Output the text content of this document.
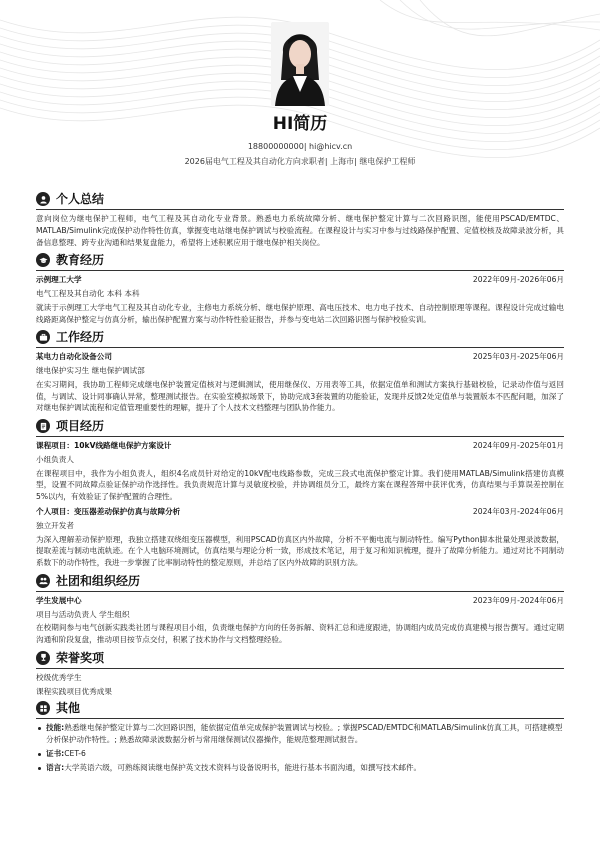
HI简历
18800000000| hi@hicv.cn
2026届电气工程及其自动化方向求职者| 上海市| 继电保护工程师
个人总结

意向岗位为继电保护工程师，电气工程及其自动化专业背景。熟悉电力系统故障分析、继电保护整定计算与二次回路识图，能使用PSCAD/EMTDC、MATLAB/Simulink完成保护动作特性仿真，掌握变电站继电保护调试与校验流程。在课程设计与实习中参与过线路保护配置、定值校核及故障录波分析，具备信息整理、跨专业沟通和结果复盘能力，希望将上述积累应用于继电保护相关岗位。

教育经历
示例理工大学	2022年09月-2026年06月
电气工程及其自动化 本科 本科

就读于示例理工大学电气工程及其自动化专业，主修电力系统分析、继电保护原理、高电压技术、电力电子技术、自动控制原理等课程。课程设计完成过输电线路距离保护整定与仿真分析，输出保护配置方案与动作特性验证报告，并参与变电站二次回路识图与保护校验实训。

工作经历
某电力自动化设备公司	2025年03月-2025年06月
继电保护实习生 继电保护调试部

在实习期间，我协助工程师完成继电保护装置定值核对与逻辑测试，使用继保仪、万用表等工具，依据定值单和测试方案执行基础校验，记录动作值与返回值，与调试、设计同事确认异常，整理测试报告。在实验室模拟场景下，协助完成3套装置的功能验证，发现并反馈2处定值单与装置版本不匹配问题，加深了对继电保护调试流程和定值管理重要性的理解，提升了个人技术文档整理与团队协作能力。

项目经历
课程项目：10kV线路继电保护方案设计	2024年09月-2025年01月
小组负责人

在课程项目中，我作为小组负责人，组织4名成员针对给定的10kV配电线路参数，完成三段式电流保护整定计算。我们使用MATLAB/Simulink搭建仿真模型，设置不同故障点验证保护动作选择性。我负责规范计算与灵敏度校验，并协调组员分工，最终方案在课程答辩中获评优秀，仿真结果与手算误差控制在5%以内，有效验证了保护配置的合理性。

个人项目：变压器差动保护仿真与故障分析	2024年03月-2024年06月
独立开发者

为深入理解差动保护原理，我独立搭建双绕组变压器模型，利用PSCAD仿真区内外故障，分析不平衡电流与制动特性。编写Python脚本批量处理录波数据，提取差流与制动电流轨迹。在个人电脑环境测试，仿真结果与理论分析一致，形成技术笔记，用于复习和知识梳理，提升了故障分析能力。通过对比不同制动系数下的动作特性，我进一步掌握了比率制动特性的整定原则，并总结了区内外故障的识别方法。

社团和组织经历
学生发展中心	2023年09月-2024年06月
项目与活动负责人 学生组织

在校期间参与电气创新实践类社团与课程项目小组，负责继电保护方向的任务拆解、资料汇总和进度跟进，协调组内成员完成仿真建模与报告撰写。通过定期沟通和阶段复盘，推动项目按节点交付，积累了技术协作与文档整理经验。

荣誉奖项
校级优秀学生
课程实践项目优秀成果
其他
技能:熟悉继电保护整定计算与二次回路识图，能依据定值单完成保护装置调试与校验。; 掌握PSCAD/EMTDC和MATLAB/Simulink仿真工具，可搭建模型分析保护动作特性。; 熟悉故障录波数据分析与常用继保测试仪器操作，能规范整理测试报告。
证书:CET-6
语言:大学英语六级，可熟练阅读继电保护英文技术资料与设备说明书，能进行基本书面沟通，如撰写技术邮件。
